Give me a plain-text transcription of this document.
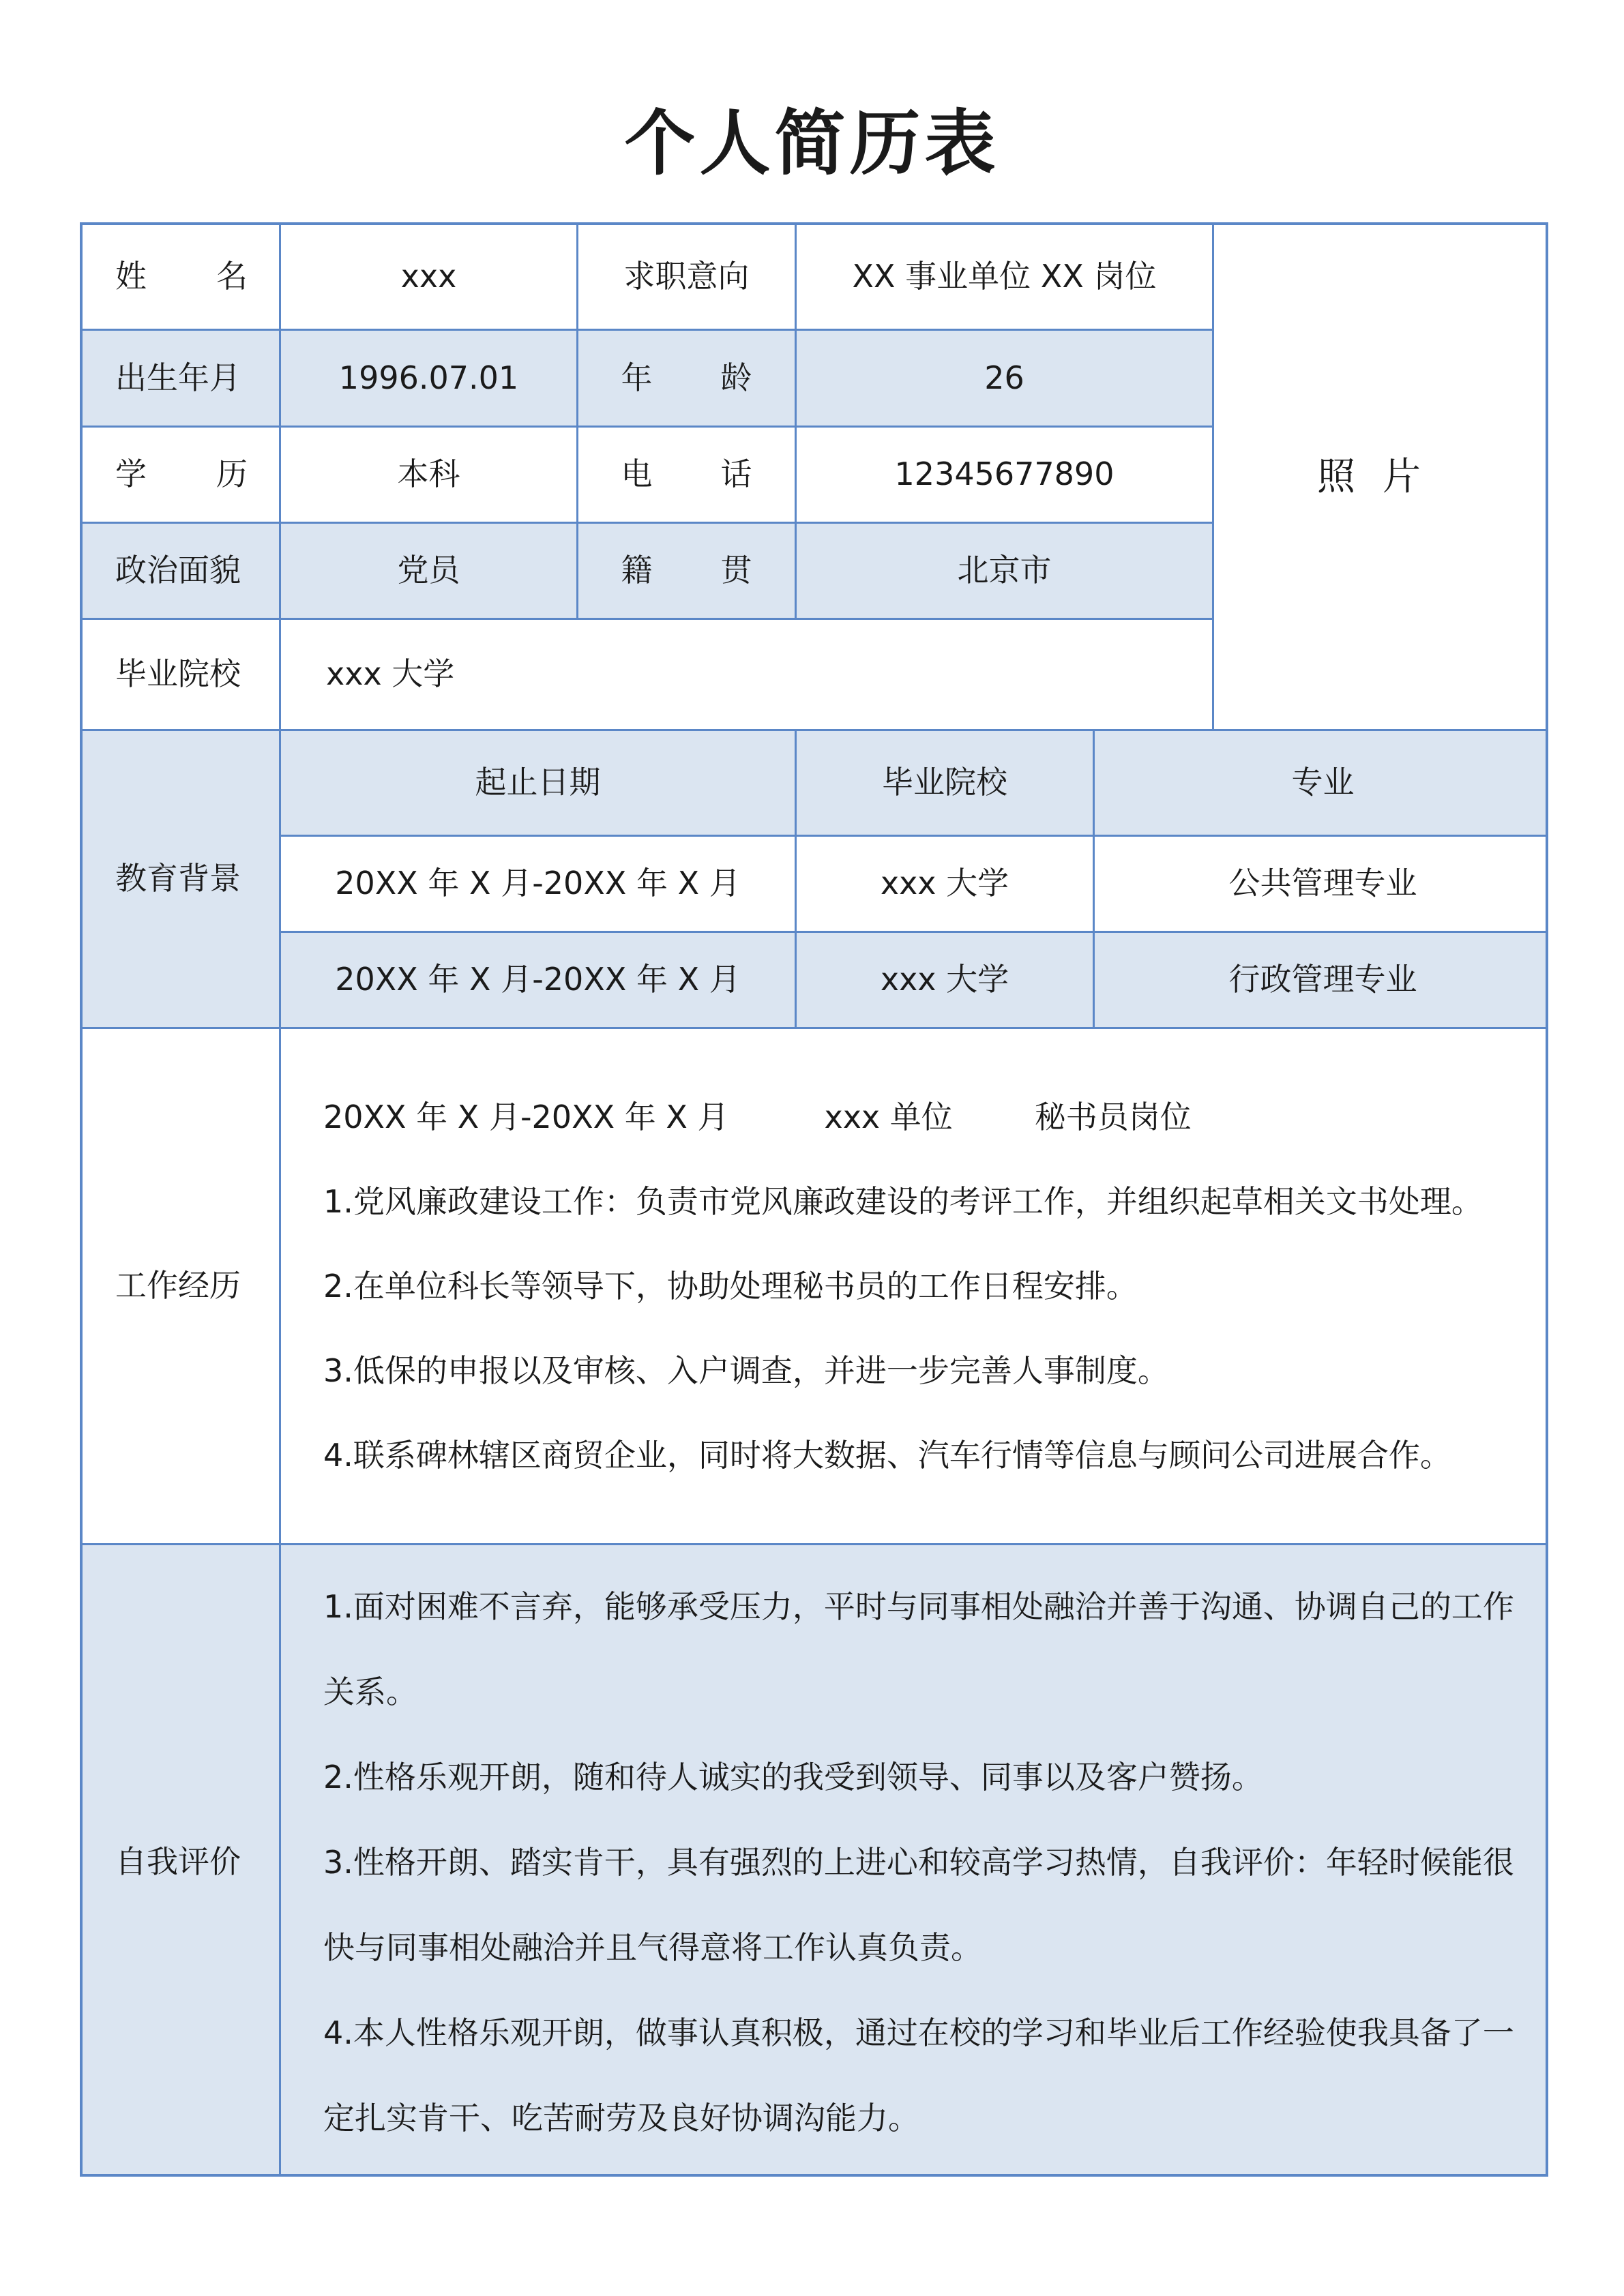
个人简历表
姓 名	xxx	求职意向	XX 事业单位 XX 岗位
照片
出生年月	1996.07.01	年 龄	26
学 历	本科	电 话	12345677890
政治面貌	党员	籍 贯	北京市
毕业院校	xxx 大学
教育背景
起止日期	毕业院校	专业
20XX 年 X 月-20XX 年 X 月	xxx 大学	公共管理专业
20XX 年 X 月-20XX 年 X 月	xxx 大学	行政管理专业
工作经历
20XX 年 X 月-20XX 年 X 月	xxx 单位	秘书员岗位
1.党风廉政建设工作：负责市党风廉政建设的考评工作，并组织起草相关文书处理。
2.在单位科长等领导下，协助处理秘书员的工作日程安排。
3.低保的申报以及审核、入户调查，并进一步完善人事制度。
4.联系碑林辖区商贸企业，同时将大数据、汽车行情等信息与顾问公司进展合作。
自我评价
1.面对困难不言弃，能够承受压力，平时与同事相处融洽并善于沟通、协调自己的工作关系。
2.性格乐观开朗，随和待人诚实的我受到领导、同事以及客户赞扬。
3.性格开朗、踏实肯干，具有强烈的上进心和较高学习热情，自我评价：年轻时候能很快与同事相处融洽并且气得意将工作认真负责。
4.本人性格乐观开朗，做事认真积极，通过在校的学习和毕业后工作经验使我具备了一定扎实肯干、吃苦耐劳及良好协调沟能力。
